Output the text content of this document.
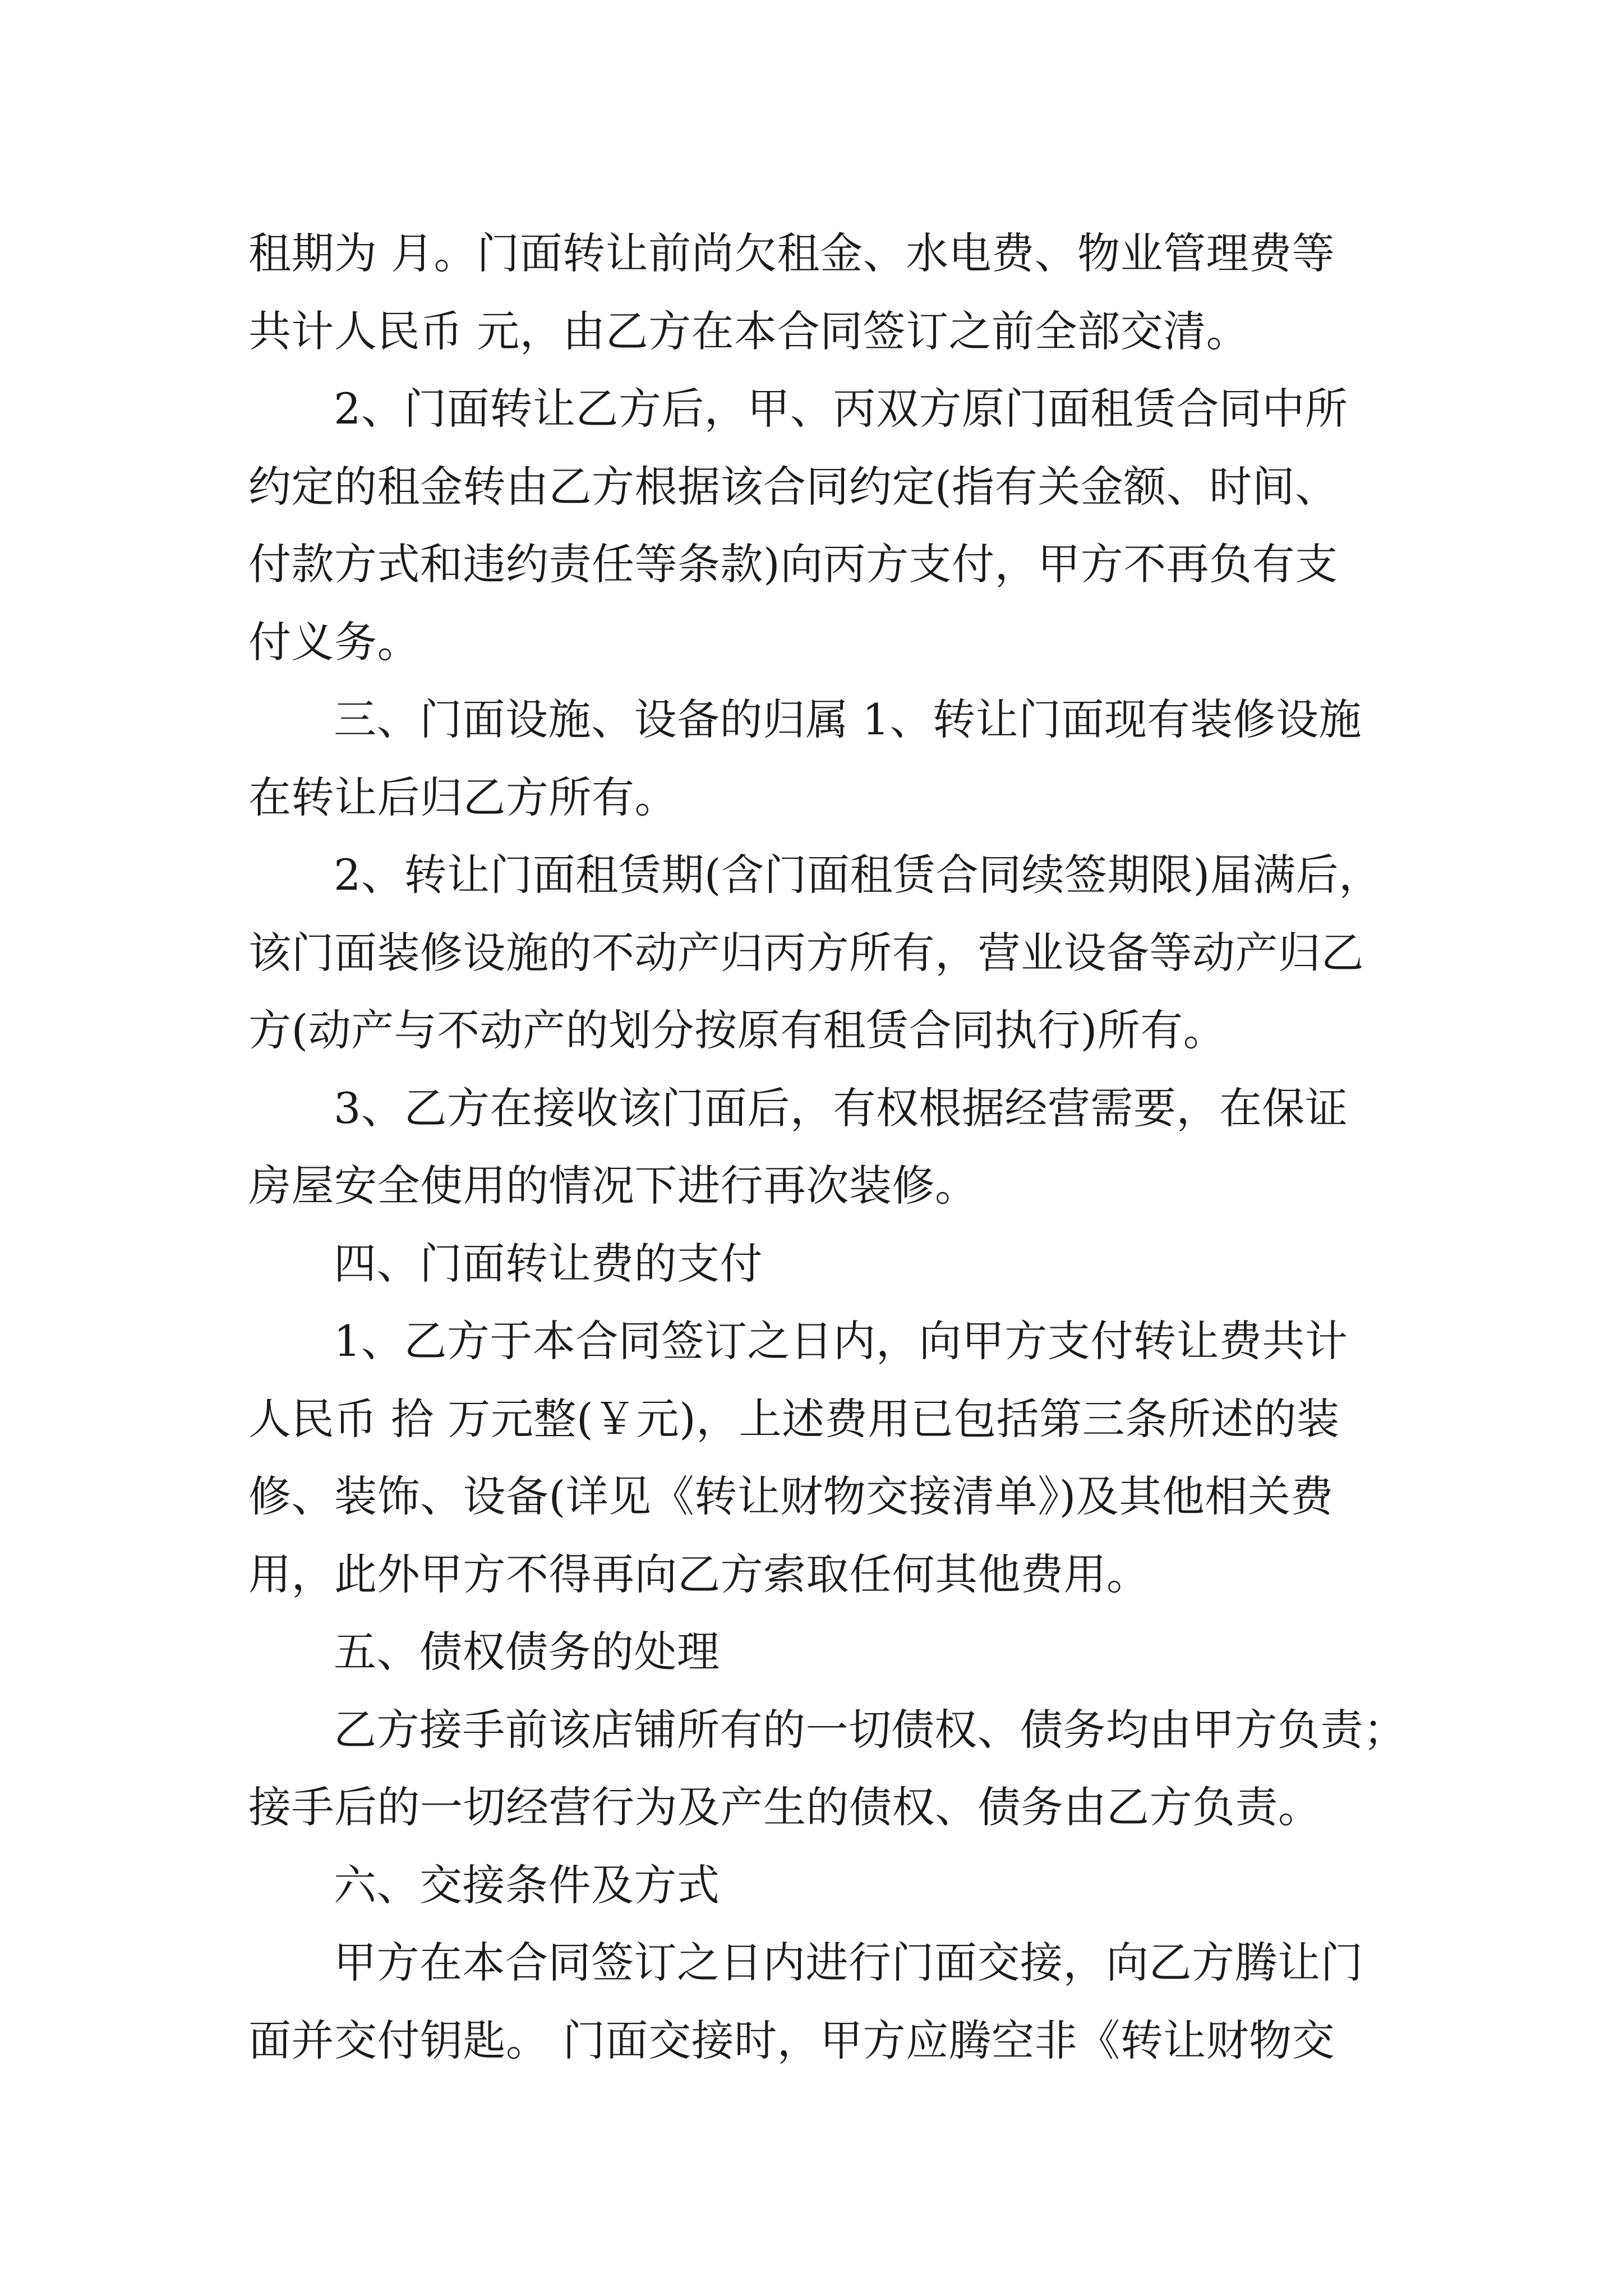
租期为 月。门面转让前尚欠租金、水电费、物业管理费等
共计人民币 元，由乙方在本合同签订之前全部交清。
2、门面转让乙方后，甲、丙双方原门面租赁合同中所
约定的租金转由乙方根据该合同约定(指有关金额、时间、
付款方式和违约责任等条款)向丙方支付，甲方不再负有支
付义务。
三、门面设施、设备的归属 1、转让门面现有装修设施
在转让后归乙方所有。
2、转让门面租赁期(含门面租赁合同续签期限)届满后，
该门面装修设施的不动产归丙方所有，营业设备等动产归乙
方(动产与不动产的划分按原有租赁合同执行)所有。
3、乙方在接收该门面后，有权根据经营需要，在保证
房屋安全使用的情况下进行再次装修。
四、门面转让费的支付
1、乙方于本合同签订之日内，向甲方支付转让费共计
人民币 拾 万元整(￥元)，上述费用已包括第三条所述的装
修、装饰、设备(详见《转让财物交接清单》)及其他相关费
用，此外甲方不得再向乙方索取任何其他费用。
五、债权债务的处理
乙方接手前该店铺所有的一切债权、债务均由甲方负责；
接手后的一切经营行为及产生的债权、债务由乙方负责。
六、交接条件及方式
甲方在本合同签订之日内进行门面交接，向乙方腾让门
面并交付钥匙。 门面交接时，甲方应腾空非《转让财物交
